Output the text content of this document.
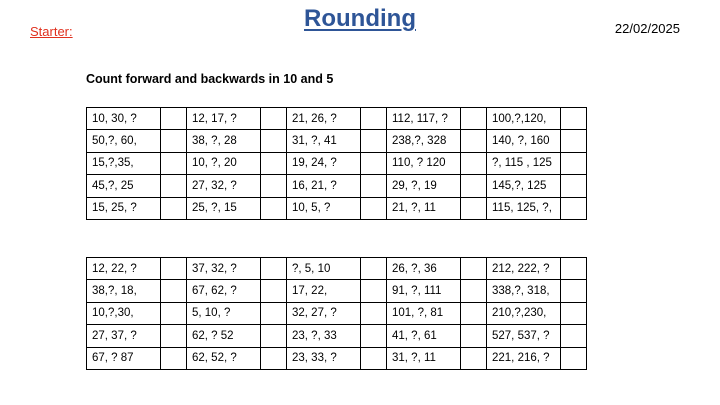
Rounding
Starter:	22/02/2025
Count forward and backwards in 10 and 5
10, 30, ?		12, 17, ?		21, 26, ?		112, 117, ?		100,?,120,	
50,?, 60,		38, ?, 28		31, ?, 41		238,?, 328		140, ?, 160	
15,?,35,		10, ?, 20		19, 24, ?		110, ? 120		?, 115 , 125	
45,?, 25		27, 32, ?		16, 21, ?		29, ?, 19		145,?, 125	
15, 25, ?		25, ?, 15		10, 5, ?		21, ?, 11		115, 125, ?,	
12, 22, ?		37, 32, ?		?, 5, 10		26, ?, 36		212, 222, ?	
38,?, 18,		67, 62, ?		17, 22,		91, ?, 111		338,?, 318,	
10,?,30,		5, 10, ?		32, 27, ?		101, ?, 81		210,?,230,	
27, 37, ?		62, ? 52		23, ?, 33		41, ?, 61		527, 537, ?	
67, ? 87		62, 52, ?		23, 33, ?		31, ?, 11		221, 216, ?	
